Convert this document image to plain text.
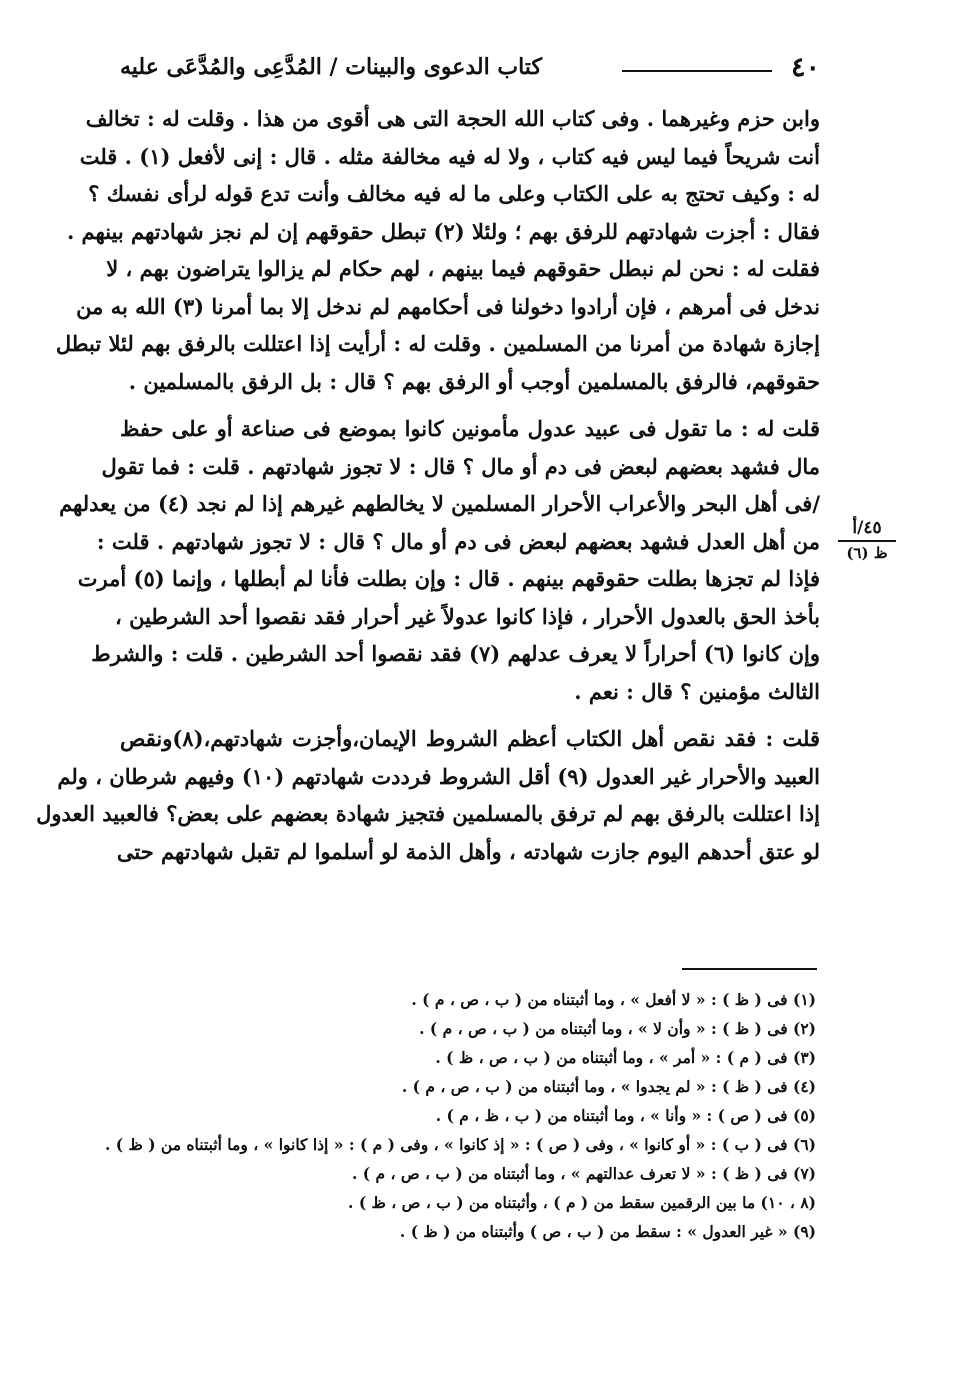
٤٠
كتاب الدعوى والبينات / المُدَّعِى والمُدَّعَى عليه
وابن حزم وغيرهما . وفى كتاب الله الحجة التى هى أقوى من هذا . وقلت له : تخالف
أنت شريحاً فيما ليس فيه كتاب ، ولا له فيه مخالفة مثله . قال : إنى لأفعل (١) . قلت
له : وكيف تحتج به على الكتاب وعلى ما له فيه مخالف وأنت تدع قوله لرأى نفسك ؟
فقال : أجزت شهادتهم للرفق بهم ؛ ولئلا (٢) تبطل حقوقهم إن لم نجز شهادتهم بينهم .
فقلت له : نحن لم نبطل حقوقهم فيما بينهم ، لهم حكام لم يزالوا يتراضون بهم ، لا
ندخل فى أمرهم ، فإن أرادوا دخولنا فى أحكامهم لم ندخل إلا بما أمرنا (٣) الله به من
إجازة شهادة من أمرنا من المسلمين . وقلت له : أرأيت إذا اعتللت بالرفق بهم لئلا تبطل
حقوقهم، فالرفق بالمسلمين أوجب أو الرفق بهم ؟ قال : بل الرفق بالمسلمين .
قلت له : ما تقول فى عبيد عدول مأمونين كانوا بموضع فى صناعة أو على حفظ
مال فشهد بعضهم لبعض فى دم أو مال ؟ قال : لا تجوز شهادتهم . قلت : فما تقول
/فى أهل البحر والأعراب الأحرار المسلمين لا يخالطهم غيرهم إذا لم نجد (٤) من يعدلهم
من أهل العدل فشهد بعضهم لبعض فى دم أو مال ؟ قال : لا تجوز شهادتهم . قلت :
فإذا لم تجزها بطلت حقوقهم بينهم . قال : وإن بطلت فأنا لم أبطلها ، وإنما (٥) أمرت
بأخذ الحق بالعدول الأحرار ، فإذا كانوا عدولاً غير أحرار فقد نقصوا أحد الشرطين ،
وإن كانوا (٦) أحراراً لا يعرف عدلهم (٧) فقد نقصوا أحد الشرطين . قلت : والشرط
الثالث مؤمنين ؟ قال : نعم .
قلت : فقد نقص أهل الكتاب أعظم الشروط الإيمان،وأجزت شهادتهم،(٨)ونقص
العبيد والأحرار غير العدول (٩) أقل الشروط فرددت شهادتهم (١٠) وفيهم شرطان ، ولم
إذا اعتللت بالرفق بهم لم ترفق بالمسلمين فتجيز شهادة بعضهم على بعض؟ فالعبيد العدول
لو عتق أحدهم اليوم جازت شهادته ، وأهل الذمة لو أسلموا لم تقبل شهادتهم حتى
٤٥/أ
ظ (٦)
(١) فى ( ظ ) : « لا أفعل » ، وما أثبتناه من ( ب ، ص ، م ) .
(٢) فى ( ظ ) : « وأن لا » ، وما أثبتناه من ( ب ، ص ، م ) .
(٣) فى ( م ) : « أمر » ، وما أثبتناه من ( ب ، ص ، ظ ) .
(٤) فى ( ظ ) : « لم يجدوا » ، وما أثبتناه من ( ب ، ص ، م ) .
(٥) فى ( ص ) : « وأنا » ، وما أثبتناه من ( ب ، ظ ، م ) .
(٦) فى ( ب ) : « أو كانوا » ، وفى ( ص ) : « إذ كانوا » ، وفى ( م ) : « إذا كانوا » ، وما أثبتناه من ( ظ ) .
(٧) فى ( ظ ) : « لا تعرف عدالتهم » ، وما أثبتناه من ( ب ، ص ، م ) .
(٨ ، ١٠) ما بين الرقمين سقط من ( م ) ، وأثبتناه من ( ب ، ص ، ظ ) .
(٩) « غير العدول » : سقط من ( ب ، ص ) وأثبتناه من ( ظ ) .
